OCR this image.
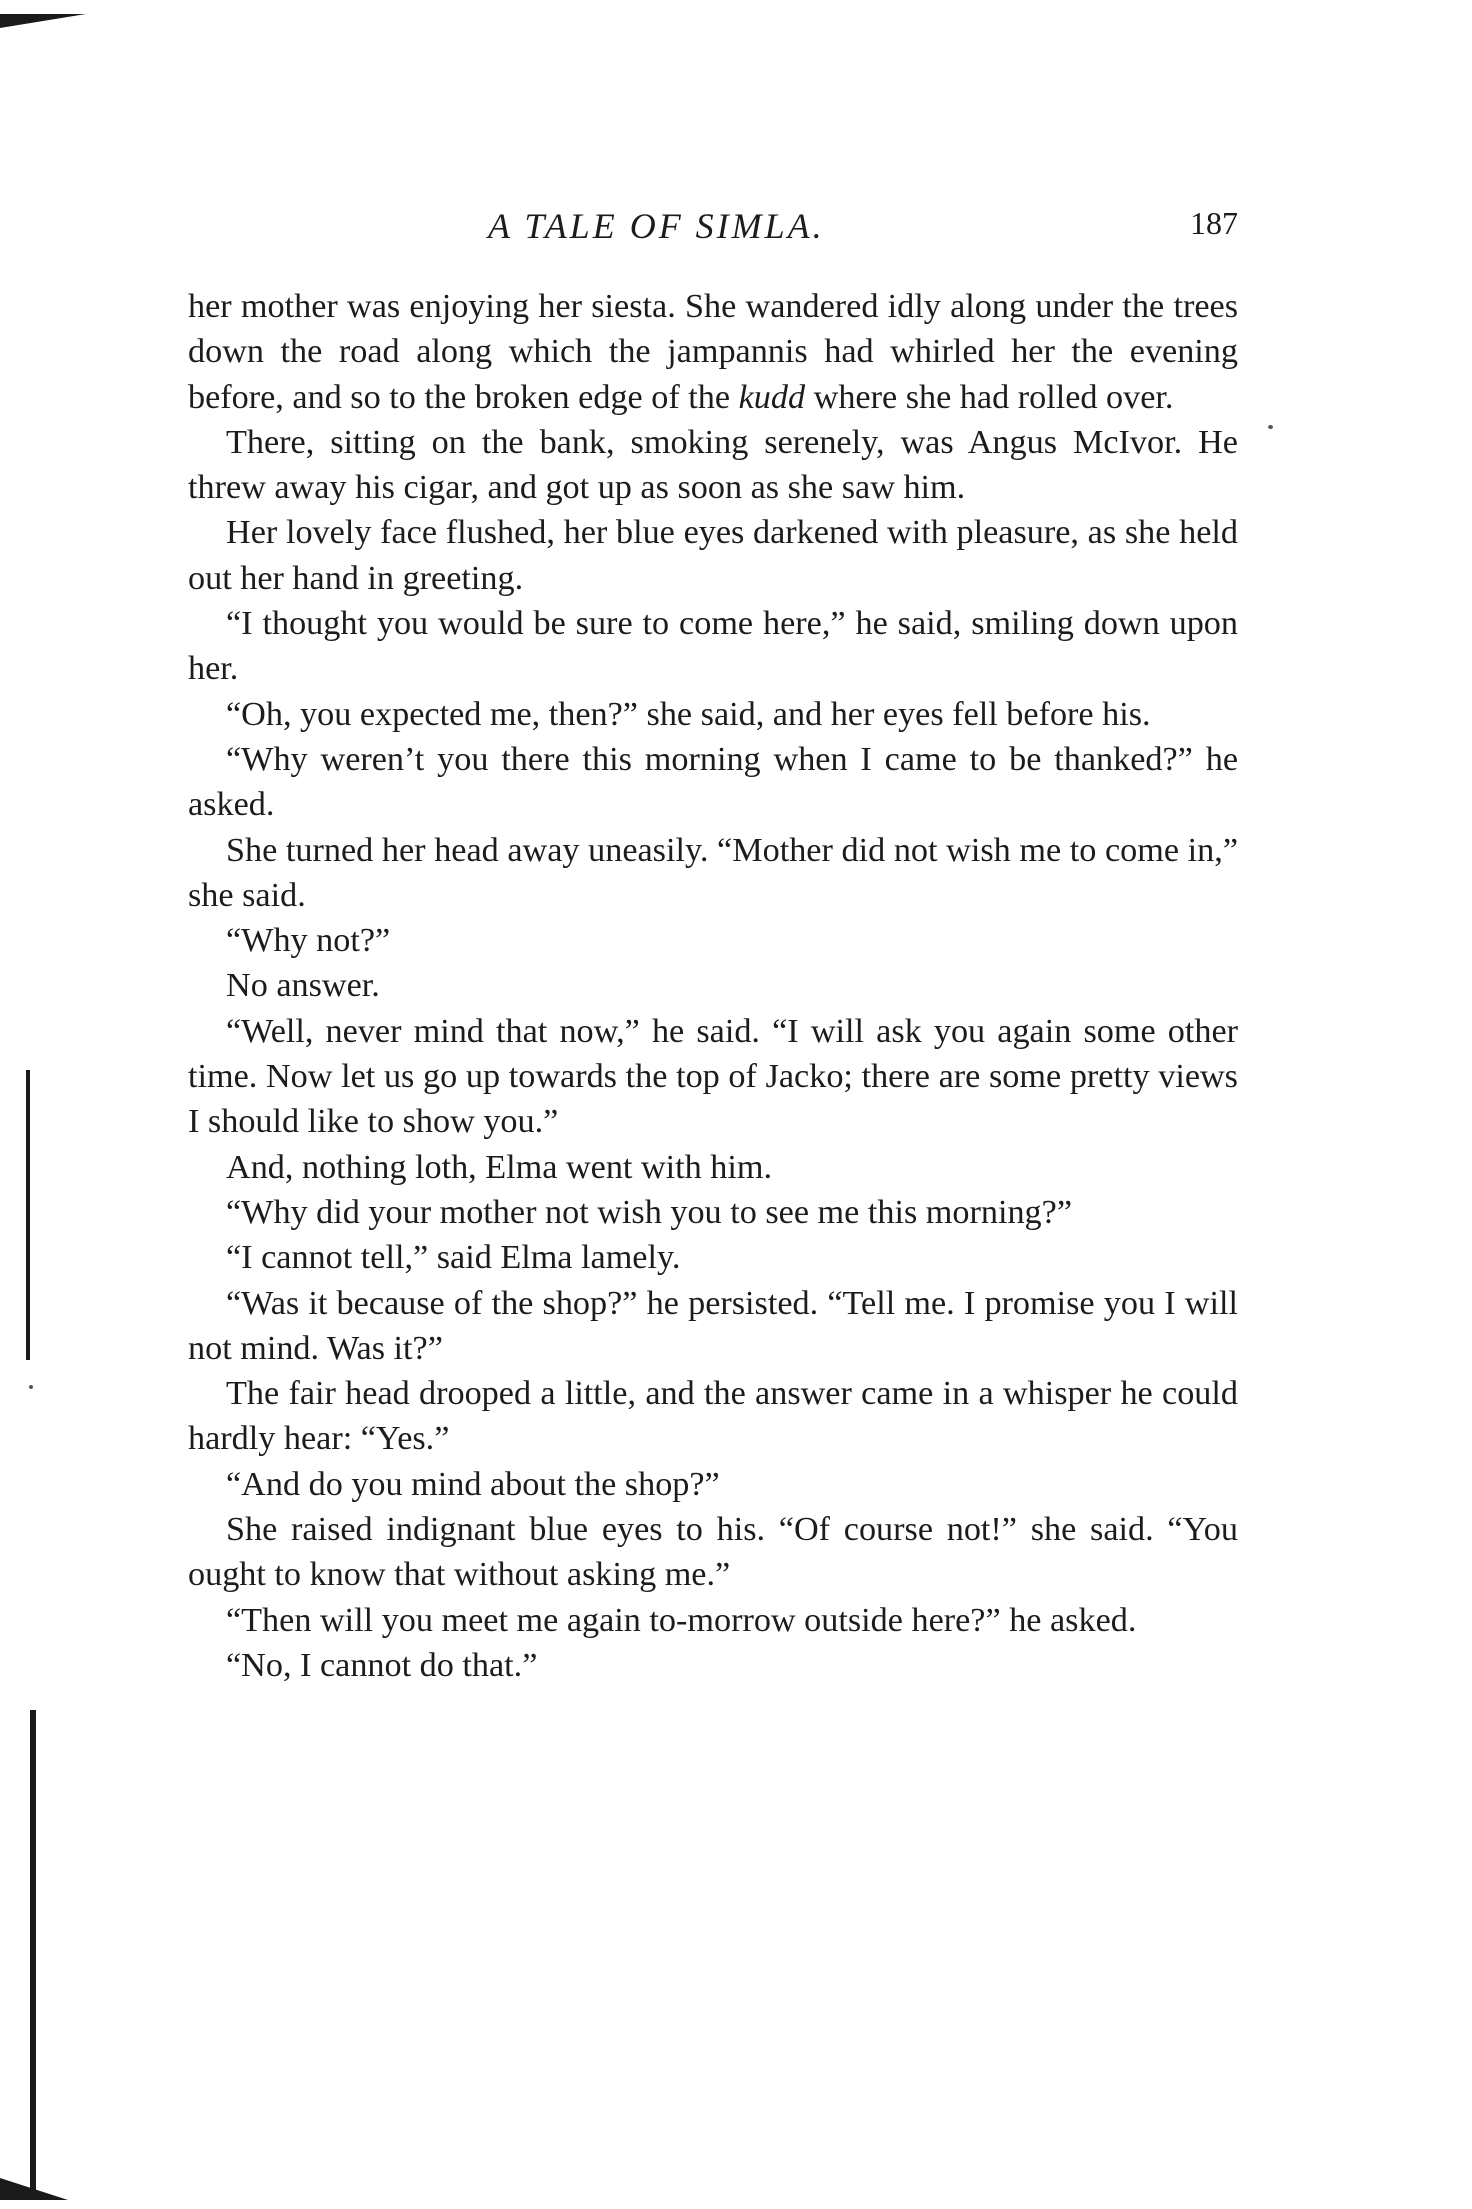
A TALE OF SIMLA.	187

her mother was enjoying her siesta. She wandered idly along under the trees down the road along which the jampannis had whirled her the evening before, and so to the broken edge of the kudd where she had rolled over.

There, sitting on the bank, smoking serenely, was Angus McIvor. He threw away his cigar, and got up as soon as she saw him.

Her lovely face flushed, her blue eyes darkened with pleasure, as she held out her hand in greeting.

“I thought you would be sure to come here,” he said, smiling down upon her.

“Oh, you expected me, then?” she said, and her eyes fell before his.

“Why weren’t you there this morning when I came to be thanked?” he asked.

She turned her head away uneasily. “Mother did not wish me to come in,” she said.

“Why not?”

No answer.

“Well, never mind that now,” he said. “I will ask you again some other time. Now let us go up towards the top of Jacko; there are some pretty views I should like to show you.”

And, nothing loth, Elma went with him.

“Why did your mother not wish you to see me this morning?”

“I cannot tell,” said Elma lamely.

“Was it because of the shop?” he persisted. “Tell me. I promise you I will not mind. Was it?”

The fair head drooped a little, and the answer came in a whisper he could hardly hear: “Yes.”

“And do you mind about the shop?”

She raised indignant blue eyes to his. “Of course not!” she said. “You ought to know that without asking me.”

“Then will you meet me again to-morrow outside here?” he asked.

“No, I cannot do that.”
